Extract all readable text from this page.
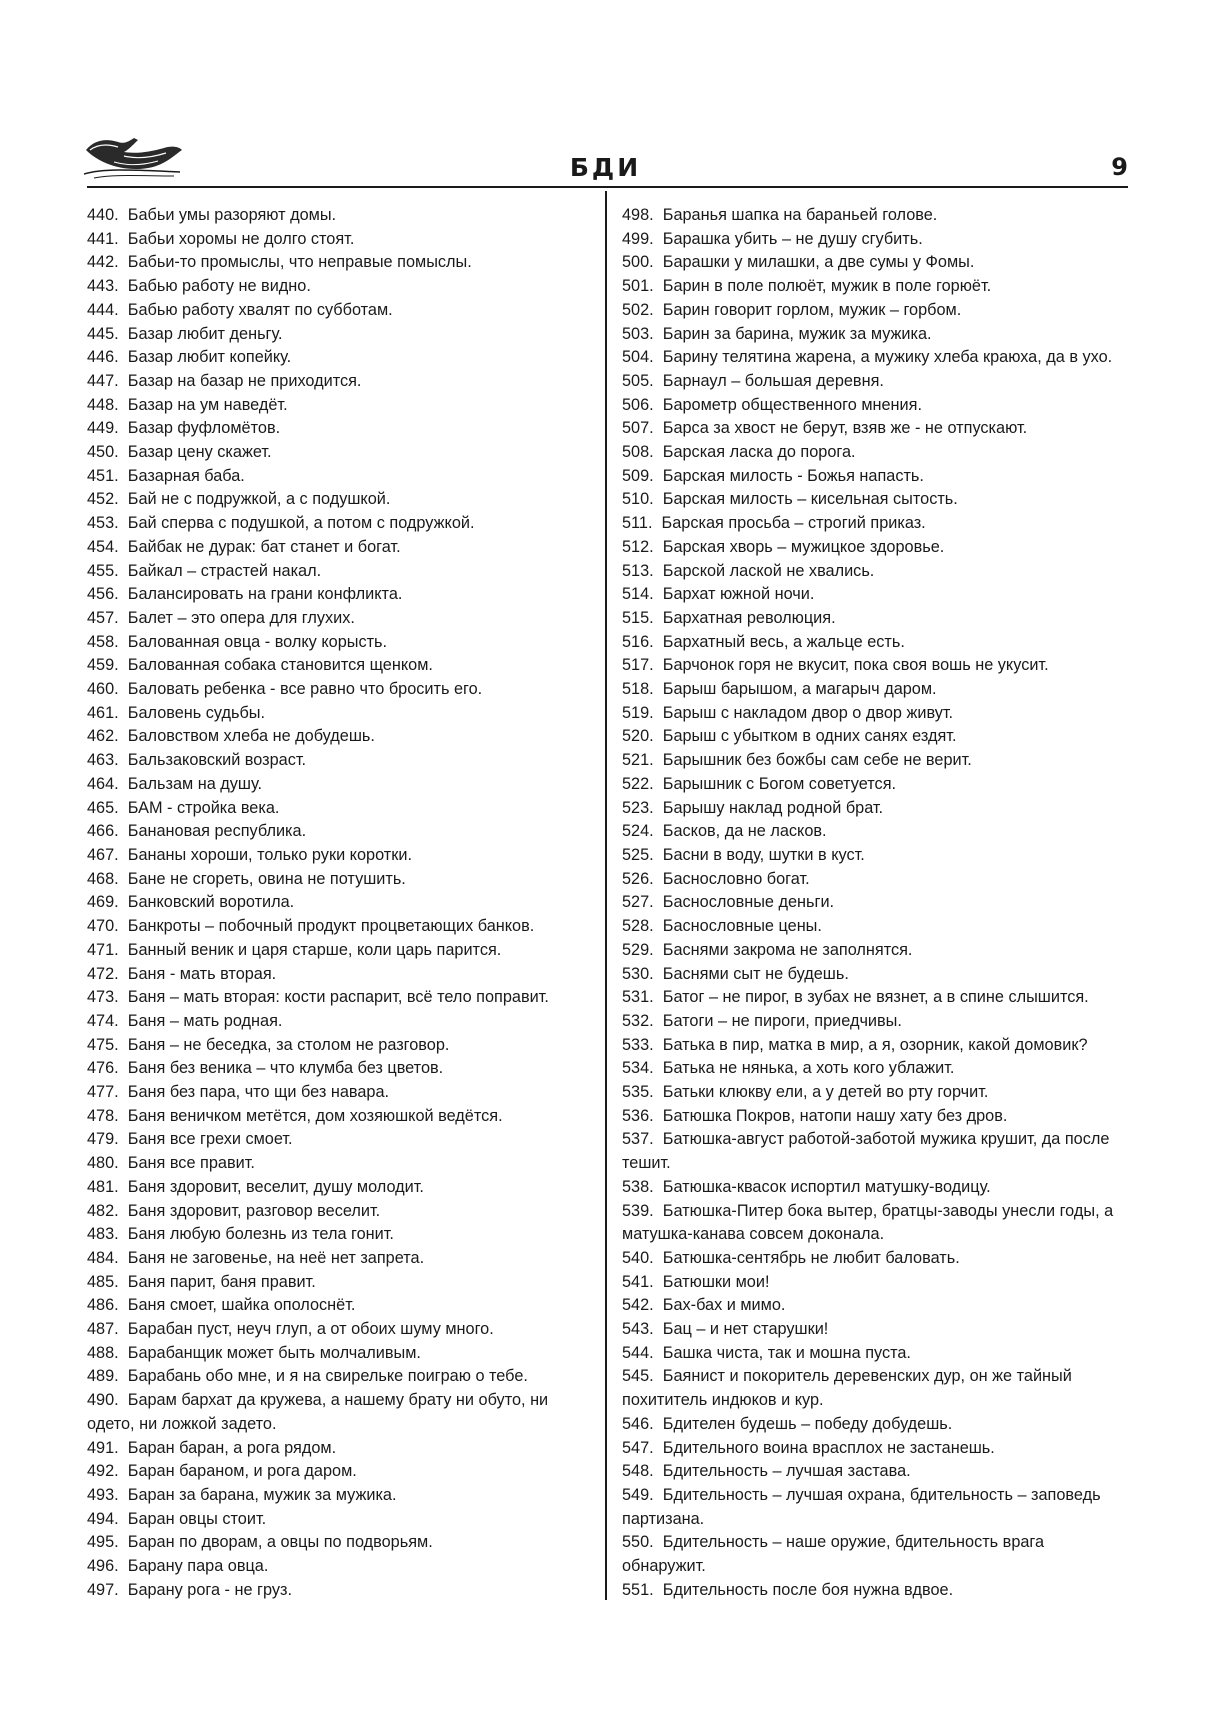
БДИ	9
440. Бабьи умы разоряют домы.
441. Бабьи хоромы не долго стоят.
442. Бабьи-то промыслы, что неправые помыслы.
443. Бабью работу не видно.
444. Бабью работу хвалят по субботам.
445. Базар любит деньгу.
446. Базар любит копейку.
447. Базар на базар не приходится.
448. Базар на ум наведёт.
449. Базар фуфломётов.
450. Базар цену скажет.
451. Базарная баба.
452. Бай не с подружкой, а с подушкой.
453. Бай сперва с подушкой, а потом с подружкой.
454. Байбак не дурак: бат станет и богат.
455. Байкал – страстей накал.
456. Балансировать на грани конфликта.
457. Балет – это опера для глухих.
458. Балованная овца - волку корысть.
459. Балованная собака становится щенком.
460. Баловать ребенка - все равно что бросить его.
461. Баловень судьбы.
462. Баловством хлеба не добудешь.
463. Бальзаковский возраст.
464. Бальзам на душу.
465. БАМ - стройка века.
466. Банановая республика.
467. Бананы хороши, только руки коротки.
468. Бане не сгореть, овина не потушить.
469. Банковский воротила.
470. Банкроты – побочный продукт процветающих банков.
471. Банный веник и царя старше, коли царь парится.
472. Баня - мать вторая.
473. Баня – мать вторая: кости распарит, всё тело поправит.
474. Баня – мать родная.
475. Баня – не беседка, за столом не разговор.
476. Баня без веника – что клумба без цветов.
477. Баня без пара, что щи без навара.
478. Баня веничком метётся, дом хозяюшкой ведётся.
479. Баня все грехи смоет.
480. Баня все правит.
481. Баня здоровит, веселит, душу молодит.
482. Баня здоровит, разговор веселит.
483. Баня любую болезнь из тела гонит.
484. Баня не заговенье, на неё нет запрета.
485. Баня парит, баня правит.
486. Баня смоет, шайка ополоснёт.
487. Барабан пуст, неуч глуп, а от обоих шуму много.
488. Барабанщик может быть молчаливым.
489. Барабань обо мне, и я на свирельке поиграю о тебе.
490. Барам бархат да кружева, а нашему брату ни обуто, ни одето, ни ложкой задето.
491. Баран баран, а рога рядом.
492. Баран бараном, и рога даром.
493. Баран за барана, мужик за мужика.
494. Баран овцы стоит.
495. Баран по дворам, а овцы по подворьям.
496. Барану пара овца.
497. Барану рога - не груз.
498. Баранья шапка на бараньей голове.
499. Барашка убить – не душу сгубить.
500. Барашки у милашки, а две сумы у Фомы.
501. Барин в поле полюёт, мужик в поле горюёт.
502. Барин говорит горлом, мужик – горбом.
503. Барин за барина, мужик за мужика.
504. Барину телятина жарена, а мужику хлеба краюха, да в ухо.
505. Барнаул – большая деревня.
506. Барометр общественного мнения.
507. Барса за хвост не берут, взяв же - не отпускают.
508. Барская ласка до порога.
509. Барская милость - Божья напасть.
510. Барская милость – кисельная сытость.
511. Барская просьба – строгий приказ.
512. Барская хворь – мужицкое здоровье.
513. Барской лаской не хвались.
514. Бархат южной ночи.
515. Бархатная революция.
516. Бархатный весь, а жальце есть.
517. Барчонок горя не вкусит, пока своя вошь не укусит.
518. Барыш барышом, а магарыч даром.
519. Барыш с накладом двор о двор живут.
520. Барыш с убытком в одних санях ездят.
521. Барышник без божбы сам себе не верит.
522. Барышник с Богом советуется.
523. Барышу наклад родной брат.
524. Басков, да не ласков.
525. Басни в воду, шутки в куст.
526. Баснословно богат.
527. Баснословные деньги.
528. Баснословные цены.
529. Баснями закрома не заполнятся.
530. Баснями сыт не будешь.
531. Батог – не пирог, в зубах не вязнет, а в спине слышится.
532. Батоги – не пироги, приедчивы.
533. Батька в пир, матка в мир, а я, озорник, какой домовик?
534. Батька не нянька, а хоть кого ублажит.
535. Батьки клюкву ели, а у детей во рту горчит.
536. Батюшка Покров, натопи нашу хату без дров.
537. Батюшка-август работой-заботой мужика крушит, да после тешит.
538. Батюшка-квасок испортил матушку-водицу.
539. Батюшка-Питер бока вытер, братцы-заводы унесли годы, а матушка-канава совсем доконала.
540. Батюшка-сентябрь не любит баловать.
541. Батюшки мои!
542. Бах-бах и мимо.
543. Бац – и нет старушки!
544. Башка чиста, так и мошна пуста.
545. Баянист и покоритель деревенских дур, он же тайный похититель индюков и кур.
546. Бдителен будешь – победу добудешь.
547. Бдительного воина врасплох не застанешь.
548. Бдительность – лучшая застава.
549. Бдительность – лучшая охрана, бдительность – заповедь партизана.
550. Бдительность – наше оружие, бдительность врага обнаружит.
551. Бдительность после боя нужна вдвое.
